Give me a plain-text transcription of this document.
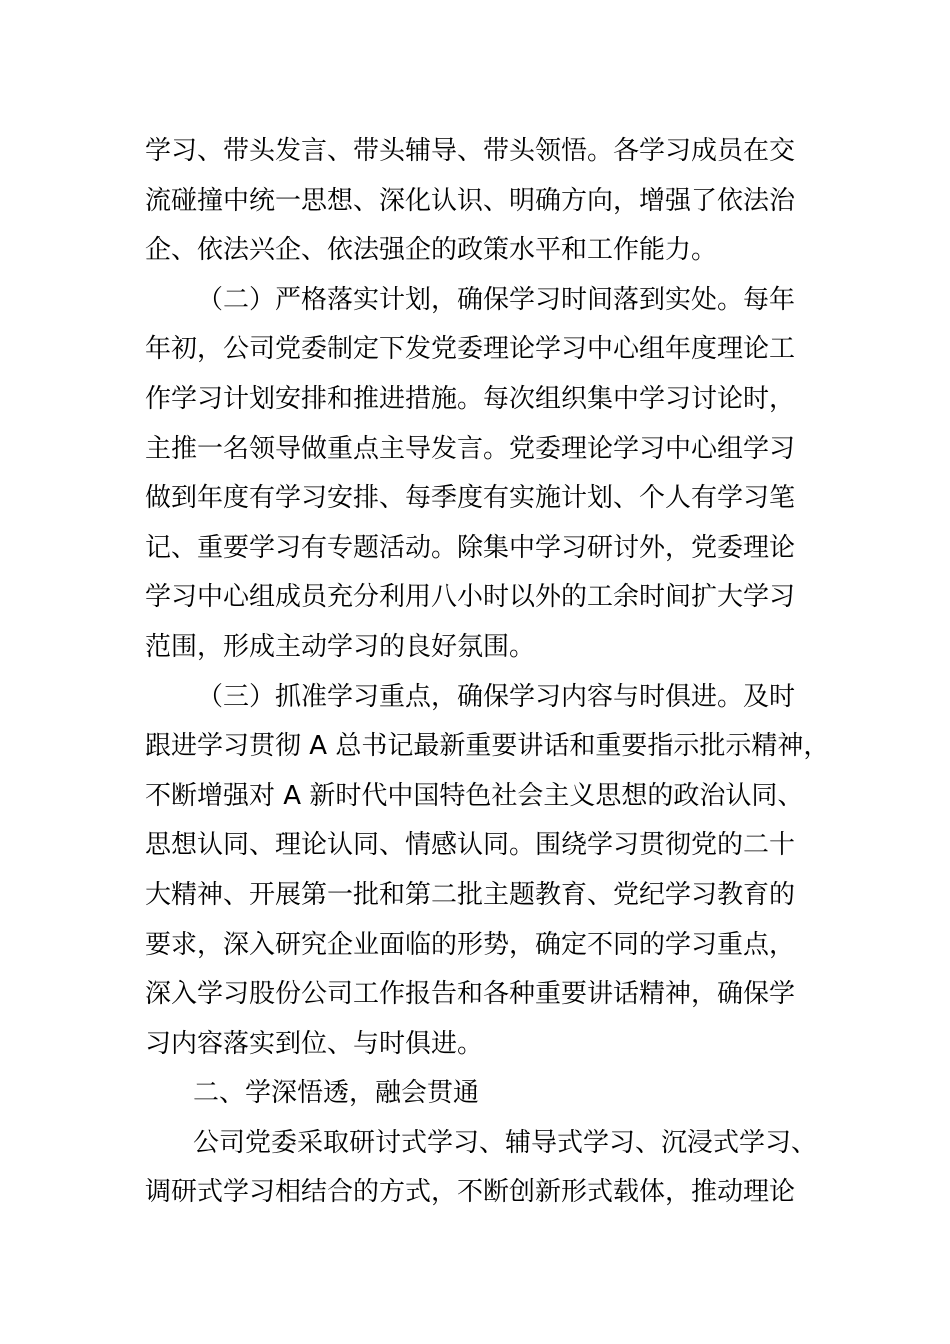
学习、带头发言、带头辅导、带头领悟。各学习成员在交
流碰撞中统一思想、深化认识、明确方向，增强了依法治
企、依法兴企、依法强企的政策水平和工作能力。
（二）严格落实计划，确保学习时间落到实处。每年
年初，公司党委制定下发党委理论学习中心组年度理论工
作学习计划安排和推进措施。每次组织集中学习讨论时，
主推一名领导做重点主导发言。党委理论学习中心组学习
做到年度有学习安排、每季度有实施计划、个人有学习笔
记、重要学习有专题活动。除集中学习研讨外，党委理论
学习中心组成员充分利用八小时以外的工余时间扩大学习
范围，形成主动学习的良好氛围。
（三）抓准学习重点，确保学习内容与时俱进。及时
跟进学习贯彻 A 总书记最新重要讲话和重要指示批示精神，
不断增强对 A 新时代中国特色社会主义思想的政治认同、
思想认同、理论认同、情感认同。围绕学习贯彻党的二十
大精神、开展第一批和第二批主题教育、党纪学习教育的
要求，深入研究企业面临的形势，确定不同的学习重点，
深入学习股份公司工作报告和各种重要讲话精神，确保学
习内容落实到位、与时俱进。
二、学深悟透，融会贯通
公司党委采取研讨式学习、辅导式学习、沉浸式学习、
调研式学习相结合的方式，不断创新形式载体，推动理论
